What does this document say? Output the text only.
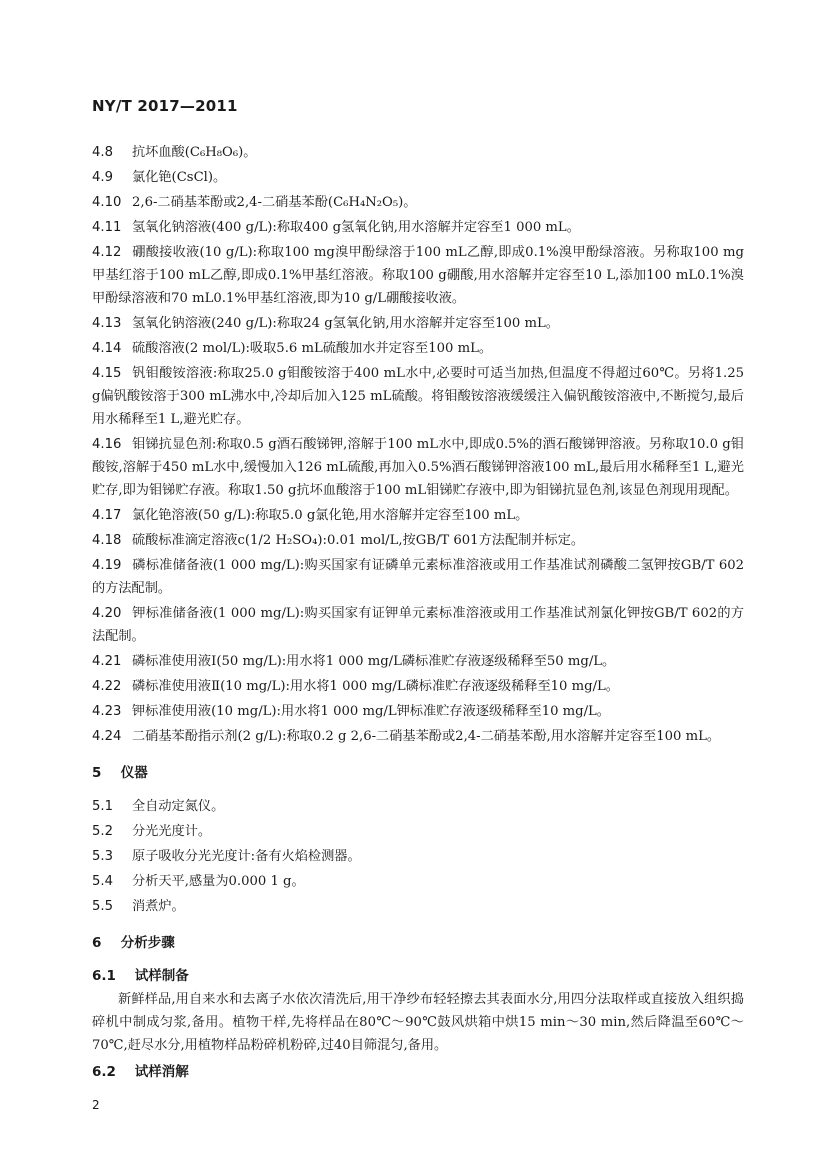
NY/T 2017—2011
4.8 抗坏血酸(C₆H₈O₆)。
4.9 氯化铯(CsCl)。
4.10 2,6-二硝基苯酚或2,4-二硝基苯酚(C₆H₄N₂O₅)。
4.11 氢氧化钠溶液(400 g/L):称取400 g氢氧化钠,用水溶解并定容至1 000 mL。
4.12 硼酸接收液(10 g/L):称取100 mg溴甲酚绿溶于100 mL乙醇,即成0.1%溴甲酚绿溶液。另称取100 mg甲基红溶于100 mL乙醇,即成0.1%甲基红溶液。称取100 g硼酸,用水溶解并定容至10 L,添加100 mL0.1%溴甲酚绿溶液和70 mL0.1%甲基红溶液,即为10 g/L硼酸接收液。
4.13 氢氧化钠溶液(240 g/L):称取24 g氢氧化钠,用水溶解并定容至100 mL。
4.14 硫酸溶液(2 mol/L):吸取5.6 mL硫酸加水并定容至100 mL。
4.15 钒钼酸铵溶液:称取25.0 g钼酸铵溶于400 mL水中,必要时可适当加热,但温度不得超过60℃。另将1.25 g偏钒酸铵溶于300 mL沸水中,冷却后加入125 mL硫酸。将钼酸铵溶液缓缓注入偏钒酸铵溶液中,不断搅匀,最后用水稀释至1 L,避光贮存。
4.16 钼锑抗显色剂:称取0.5 g酒石酸锑钾,溶解于100 mL水中,即成0.5%的酒石酸锑钾溶液。另称取10.0 g钼酸铵,溶解于450 mL水中,缓慢加入126 mL硫酸,再加入0.5%酒石酸锑钾溶液100 mL,最后用水稀释至1 L,避光贮存,即为钼锑贮存液。称取1.50 g抗坏血酸溶于100 mL钼锑贮存液中,即为钼锑抗显色剂,该显色剂现用现配。
4.17 氯化铯溶液(50 g/L):称取5.0 g氯化铯,用水溶解并定容至100 mL。
4.18 硫酸标准滴定溶液c(1/2 H₂SO₄):0.01 mol/L,按GB/T 601方法配制并标定。
4.19 磷标准储备液(1 000 mg/L):购买国家有证磷单元素标准溶液或用工作基准试剂磷酸二氢钾按GB/T 602的方法配制。
4.20 钾标准储备液(1 000 mg/L):购买国家有证钾单元素标准溶液或用工作基准试剂氯化钾按GB/T 602的方法配制。
4.21 磷标准使用液Ⅰ(50 mg/L):用水将1 000 mg/L磷标准贮存液逐级稀释至50 mg/L。
4.22 磷标准使用液Ⅱ(10 mg/L):用水将1 000 mg/L磷标准贮存液逐级稀释至10 mg/L。
4.23 钾标准使用液(10 mg/L):用水将1 000 mg/L钾标准贮存液逐级稀释至10 mg/L。
4.24 二硝基苯酚指示剂(2 g/L):称取0.2 g 2,6-二硝基苯酚或2,4-二硝基苯酚,用水溶解并定容至100 mL。
5 仪器
5.1 全自动定氮仪。
5.2 分光光度计。
5.3 原子吸收分光光度计:备有火焰检测器。
5.4 分析天平,感量为0.000 1 g。
5.5 消煮炉。
6 分析步骤
6.1 试样制备

新鲜样品,用自来水和去离子水依次清洗后,用干净纱布轻轻擦去其表面水分,用四分法取样或直接放入组织捣碎机中制成匀浆,备用。植物干样,先将样品在80℃～90℃鼓风烘箱中烘15 min～30 min,然后降温至60℃～70℃,赶尽水分,用植物样品粉碎机粉碎,过40目筛混匀,备用。

6.2 试样消解
2
